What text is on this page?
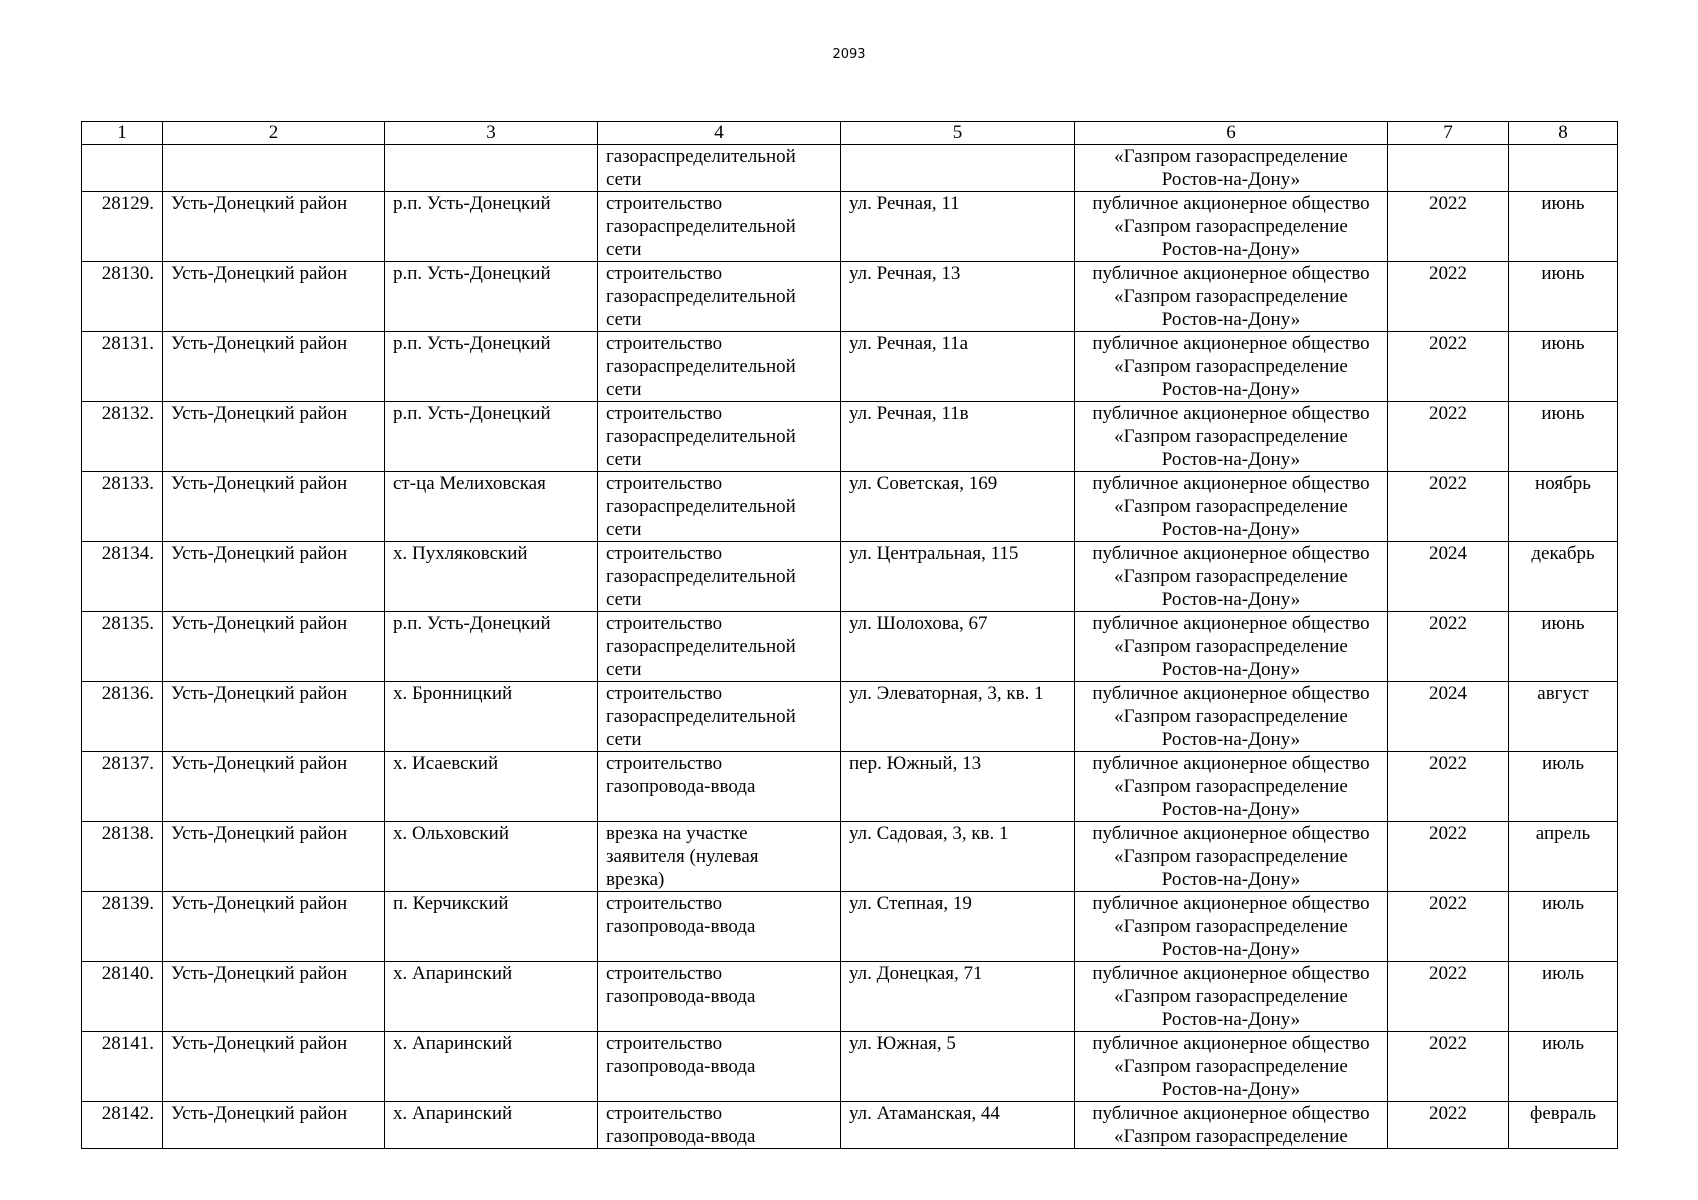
2093
1	2	3	4	5	6	7	8

			газораспределительной
сети		«Газпром газораспределение
Ростов-на-Дону»		

28129.	Усть-Донецкий район	р.п. Усть-Донецкий	строительство
газораспределительной
сети	ул. Речная, 11	публичное акционерное общество
«Газпром газораспределение
Ростов-на-Дону»	2022	июнь
28130.	Усть-Донецкий район	р.п. Усть-Донецкий	строительство
газораспределительной
сети	ул. Речная, 13	публичное акционерное общество
«Газпром газораспределение
Ростов-на-Дону»	2022	июнь
28131.	Усть-Донецкий район	р.п. Усть-Донецкий	строительство
газораспределительной
сети	ул. Речная, 11а	публичное акционерное общество
«Газпром газораспределение
Ростов-на-Дону»	2022	июнь
28132.	Усть-Донецкий район	р.п. Усть-Донецкий	строительство
газораспределительной
сети	ул. Речная, 11в	публичное акционерное общество
«Газпром газораспределение
Ростов-на-Дону»	2022	июнь
28133.	Усть-Донецкий район	ст-ца Мелиховская	строительство
газораспределительной
сети	ул. Советская, 169	публичное акционерное общество
«Газпром газораспределение
Ростов-на-Дону»	2022	ноябрь
28134.	Усть-Донецкий район	х. Пухляковский	строительство
газораспределительной
сети	ул. Центральная, 115	публичное акционерное общество
«Газпром газораспределение
Ростов-на-Дону»	2024	декабрь
28135.	Усть-Донецкий район	р.п. Усть-Донецкий	строительство
газораспределительной
сети	ул. Шолохова, 67	публичное акционерное общество
«Газпром газораспределение
Ростов-на-Дону»	2022	июнь
28136.	Усть-Донецкий район	х. Бронницкий	строительство
газораспределительной
сети	ул. Элеваторная, 3, кв. 1	публичное акционерное общество
«Газпром газораспределение
Ростов-на-Дону»	2024	август
28137.	Усть-Донецкий район	х. Исаевский	строительство
газопровода-ввода	пер. Южный, 13	публичное акционерное общество
«Газпром газораспределение
Ростов-на-Дону»	2022	июль
28138.	Усть-Донецкий район	х. Ольховский	врезка на участке
заявителя (нулевая
врезка)	ул. Садовая, 3, кв. 1	публичное акционерное общество
«Газпром газораспределение
Ростов-на-Дону»	2022	апрель
28139.	Усть-Донецкий район	п. Керчикский	строительство
газопровода-ввода	ул. Степная, 19	публичное акционерное общество
«Газпром газораспределение
Ростов-на-Дону»	2022	июль
28140.	Усть-Донецкий район	х. Апаринский	строительство
газопровода-ввода	ул. Донецкая, 71	публичное акционерное общество
«Газпром газораспределение
Ростов-на-Дону»	2022	июль
28141.	Усть-Донецкий район	х. Апаринский	строительство
газопровода-ввода	ул. Южная, 5	публичное акционерное общество
«Газпром газораспределение
Ростов-на-Дону»	2022	июль
28142.	Усть-Донецкий район	х. Апаринский	строительство
газопровода-ввода	ул. Атаманская, 44	публичное акционерное общество
«Газпром газораспределение	2022	февраль
